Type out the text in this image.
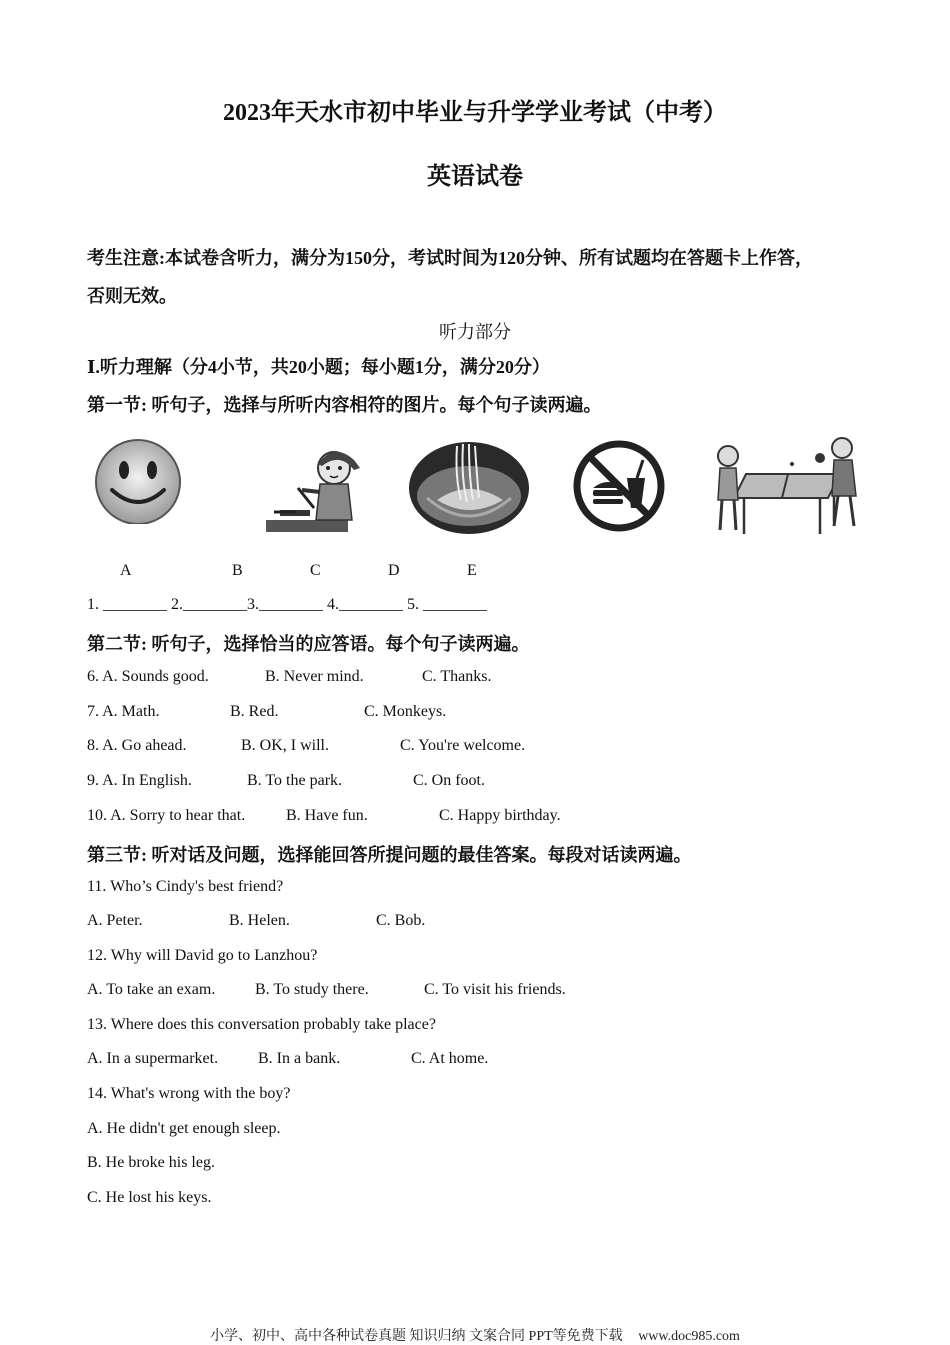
2023年天水市初中毕业与升学学业考试（中考）
英语试卷
考生注意:本试卷含听力，满分为150分，考试时间为120分钟、所有试题均在答题卡上作答，
否则无效。
听力部分
Ⅰ.听力理解（分4小节，共20小题；每小题1分，满分20分）
第一节: 听句子，选择与所听内容相符的图片。每个句子读两遍。
A	B	C	D	E
1. ________ 2.________3.________ 4.________ 5. ________
第二节: 听句子，选择恰当的应答语。每个句子读两遍。
6. A. Sounds good.	B. Never mind.	C. Thanks.
7. A. Math.	B. Red.	C. Monkeys.
8. A. Go ahead.	B. OK, I will.	C. You're welcome.
9. A. In English.	B. To the park.	C. On foot.
10. A. Sorry to hear that.	B. Have fun.	C. Happy birthday.
第三节: 听对话及问题，选择能回答所提问题的最佳答案。每段对话读两遍。
11. Who’s Cindy's best friend?
A. Peter.	B. Helen.	C. Bob.
12. Why will David go to Lanzhou?
A. To take an exam. B. To study there.	C. To visit his friends.
13. Where does this conversation probably take place?
A. In a supermarket. B. In a bank.	C. At home.
14. What's wrong with the boy?
A. He didn't get enough sleep.
B. He broke his leg.
C. He lost his keys.
小学、初中、高中各种试卷真题 知识归纳 文案合同 PPT等免费下载 www.doc985.com
